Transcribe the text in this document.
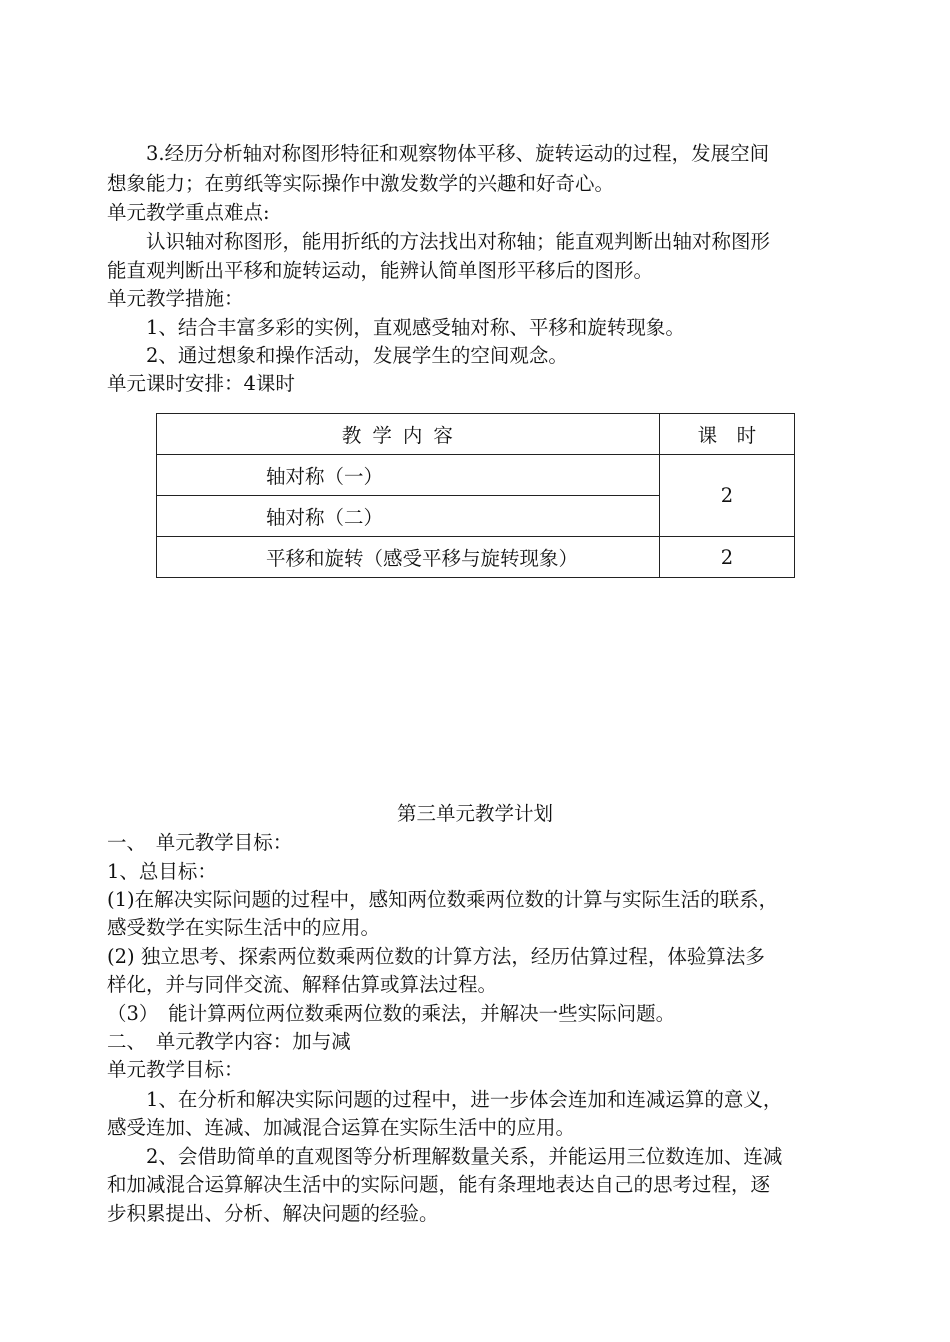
3.经历分析轴对称图形特征和观察物体平移、旋转运动的过程，发展空间
想象能力；在剪纸等实际操作中激发数学的兴趣和好奇心。
单元教学重点难点:
认识轴对称图形，能用折纸的方法找出对称轴；能直观判断出轴对称图形
能直观判断出平移和旋转运动，能辨认简单图形平移后的图形。
单元教学措施：
1、结合丰富多彩的实例，直观感受轴对称、平移和旋转现象。
2、通过想象和操作活动，发展学生的空间观念。
单元课时安排：4课时
教学内容	课　时
轴对称（一）	2
轴对称（二）	
平移和旋转（感受平移与旋转现象）	2
第三单元教学计划
一、　单元教学目标：
1、总目标：
(1)在解决实际问题的过程中，感知两位数乘两位数的计算与实际生活的联系，
感受数学在实际生活中的应用。
(2) 独立思考、探索两位数乘两位数的计算方法，经历估算过程，体验算法多
样化，并与同伴交流、解释估算或算法过程。
（3）　能计算两位两位数乘两位数的乘法，并解决一些实际问题。
二、　单元教学内容：加与减
单元教学目标：
1、在分析和解决实际问题的过程中，进一步体会连加和连减运算的意义，
感受连加、连减、加减混合运算在实际生活中的应用。
2、会借助简单的直观图等分析理解数量关系，并能运用三位数连加、连减
和加减混合运算解决生活中的实际问题，能有条理地表达自己的思考过程，逐
步积累提出、分析、解决问题的经验。
